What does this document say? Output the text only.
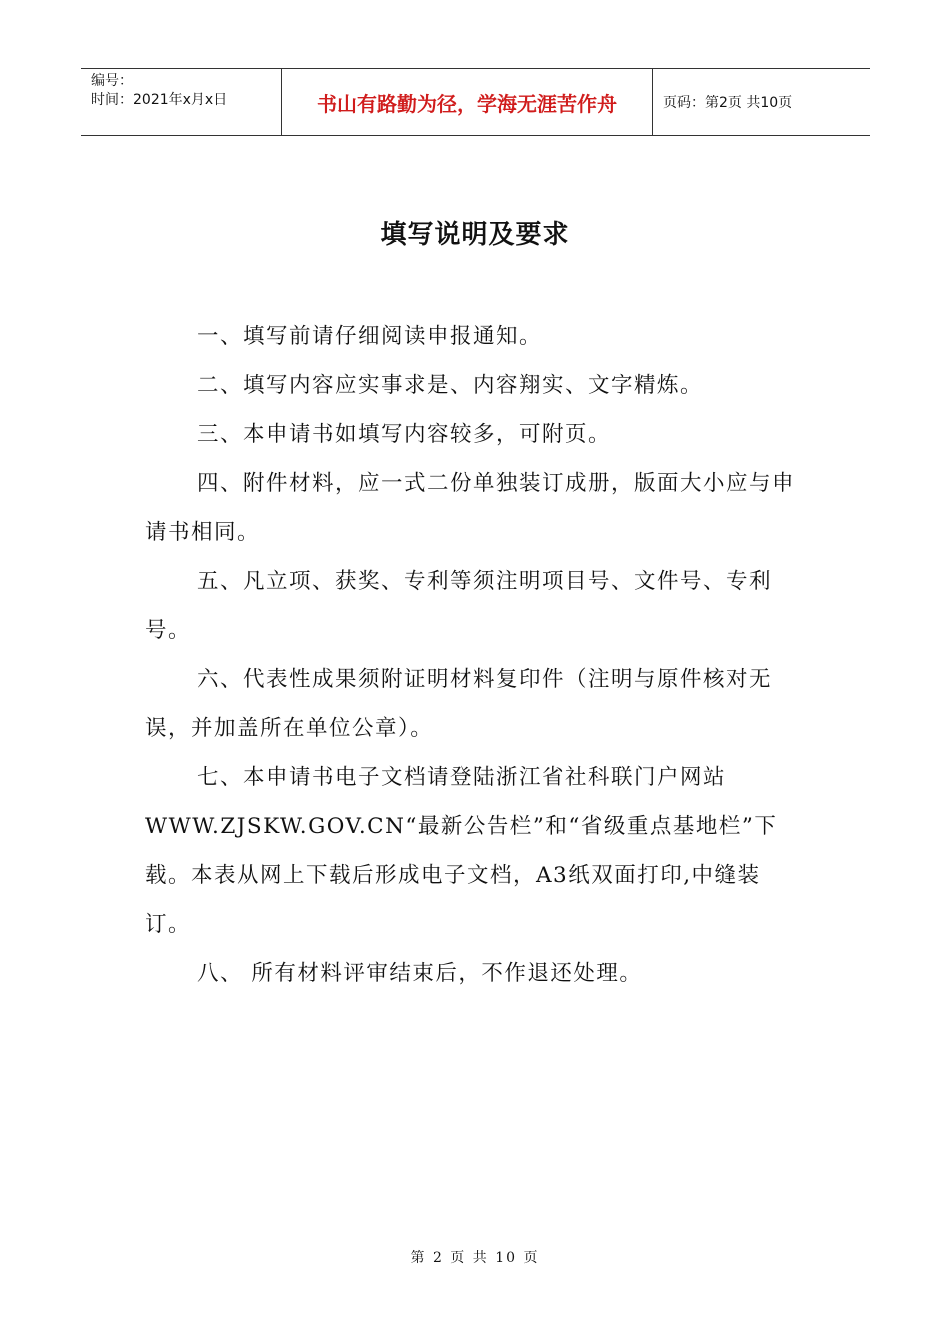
编号：
时间：2021年x月x日	书山有路勤为径，学海无涯苦作舟	页码：第2页 共10页
填写说明及要求

一、填写前请仔细阅读申报通知。

二、填写内容应实事求是、内容翔实、文字精炼。

三、本申请书如填写内容较多，可附页。

四、附件材料，应一式二份单独装订成册，版面大小应与申请书相同。

五、凡立项、获奖、专利等须注明项目号、文件号、专利号。

六、代表性成果须附证明材料复印件（注明与原件核对无误，并加盖所在单位公章）。

七、本申请书电子文档请登陆浙江省社科联门户网站WWW.ZJSKW.GOV.CN“最新公告栏”和“省级重点基地栏”下载。本表从网上下载后形成电子文档，A3纸双面打印,中缝装订。

八、 所有材料评审结束后，不作退还处理。

第 2 页 共 10 页
